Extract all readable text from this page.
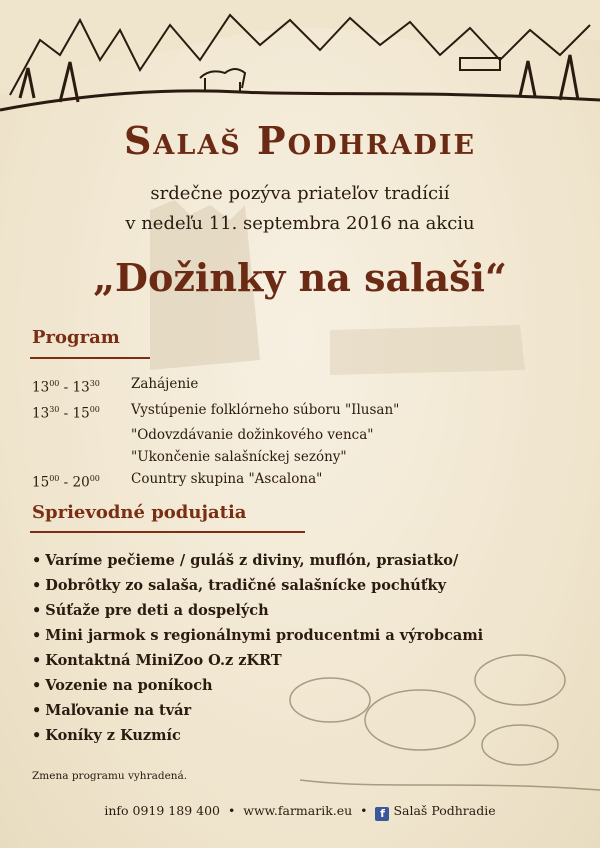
Salaš Podhradie
srdečne pozýva priateľov tradícií
v nedeľu 11. septembra 2016 na akciu
„Dožinky na salaši“
Program
$13^{00} - 13^{30}$	Zahájenie
$13^{30} - 15^{00}$	Vystúpenie folklórneho súboru "Ilusan"
"Odovzdávanie dožinkového venca"
"Ukončenie salašníckej sezóny"
$15^{00} - 20^{00}$	Country skupina "Ascalona"
Sprievodné podujatia
• Varíme pečieme / guláš z diviny, muflón, prasiatko/
• Dobrôtky zo salaša, tradičné salašnícke pochúťky
• Súťaže pre deti a dospelých
• Mini jarmok s regionálnymi producentmi a výrobcami
• Kontaktná MiniZoo O.z zKRT
• Vozenie na poníkoch
• Maľovanie na tvár
• Koníky z Kuzmíc
Zmena programu vyhradená.
info 0919 189 400 • www.farmarik.eu • f Salaš Podhradie
